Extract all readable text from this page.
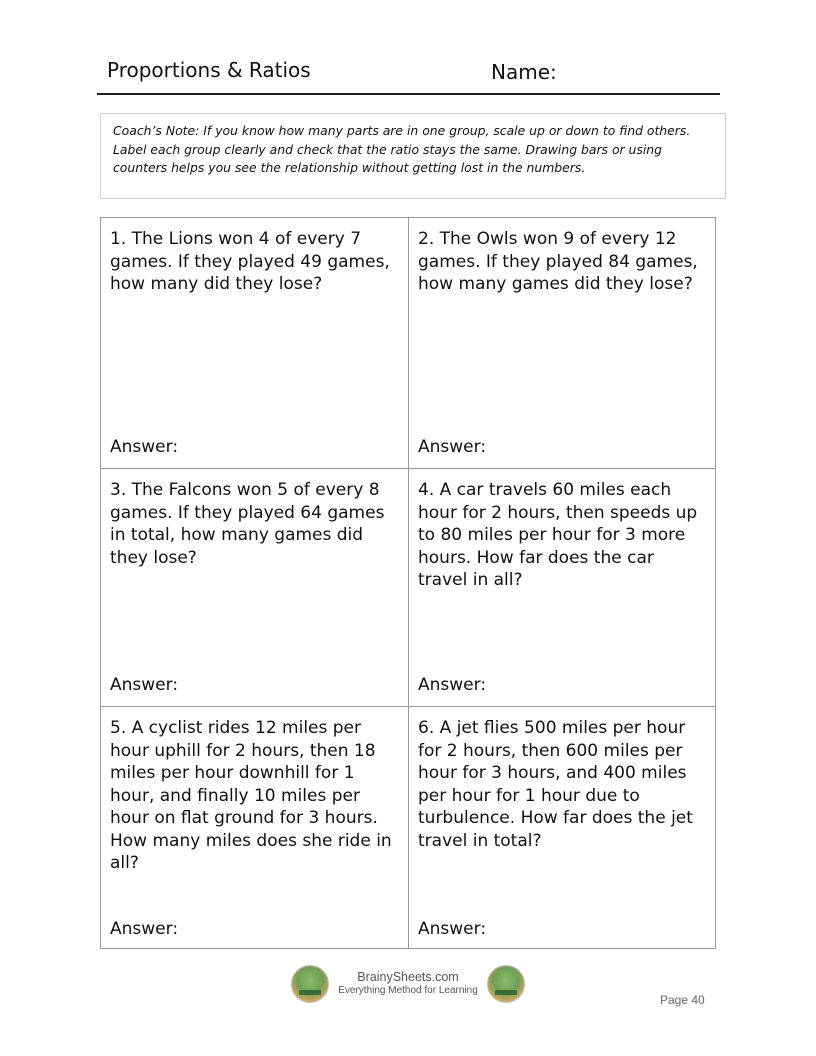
Proportions & Ratios	Name:
Coach’s Note: If you know how many parts are in one group, scale up or down to find others. Label each group clearly and check that the ratio stays the same. Drawing bars or using counters helps you see the relationship without getting lost in the numbers.
1. The Lions won 4 of every 7 games. If they played 49 games, how many did they lose?
Answer:
2. The Owls won 9 of every 12 games. If they played 84 games, how many games did they lose?
Answer:
3. The Falcons won 5 of every 8 games. If they played 64 games in total, how many games did they lose?
Answer:
4. A car travels 60 miles each hour for 2 hours, then speeds up to 80 miles per hour for 3 more hours. How far does the car travel in all?
Answer:
5. A cyclist rides 12 miles per hour uphill for 2 hours, then 18 miles per hour downhill for 1 hour, and finally 10 miles per hour on flat ground for 3 hours. How many miles does she ride in all?
Answer:
6. A jet flies 500 miles per hour for 2 hours, then 600 miles per hour for 3 hours, and 400 miles per hour for 1 hour due to turbulence. How far does the jet travel in total?
Answer:
BrainySheets.com
Everything Method for Learning
Page 40
